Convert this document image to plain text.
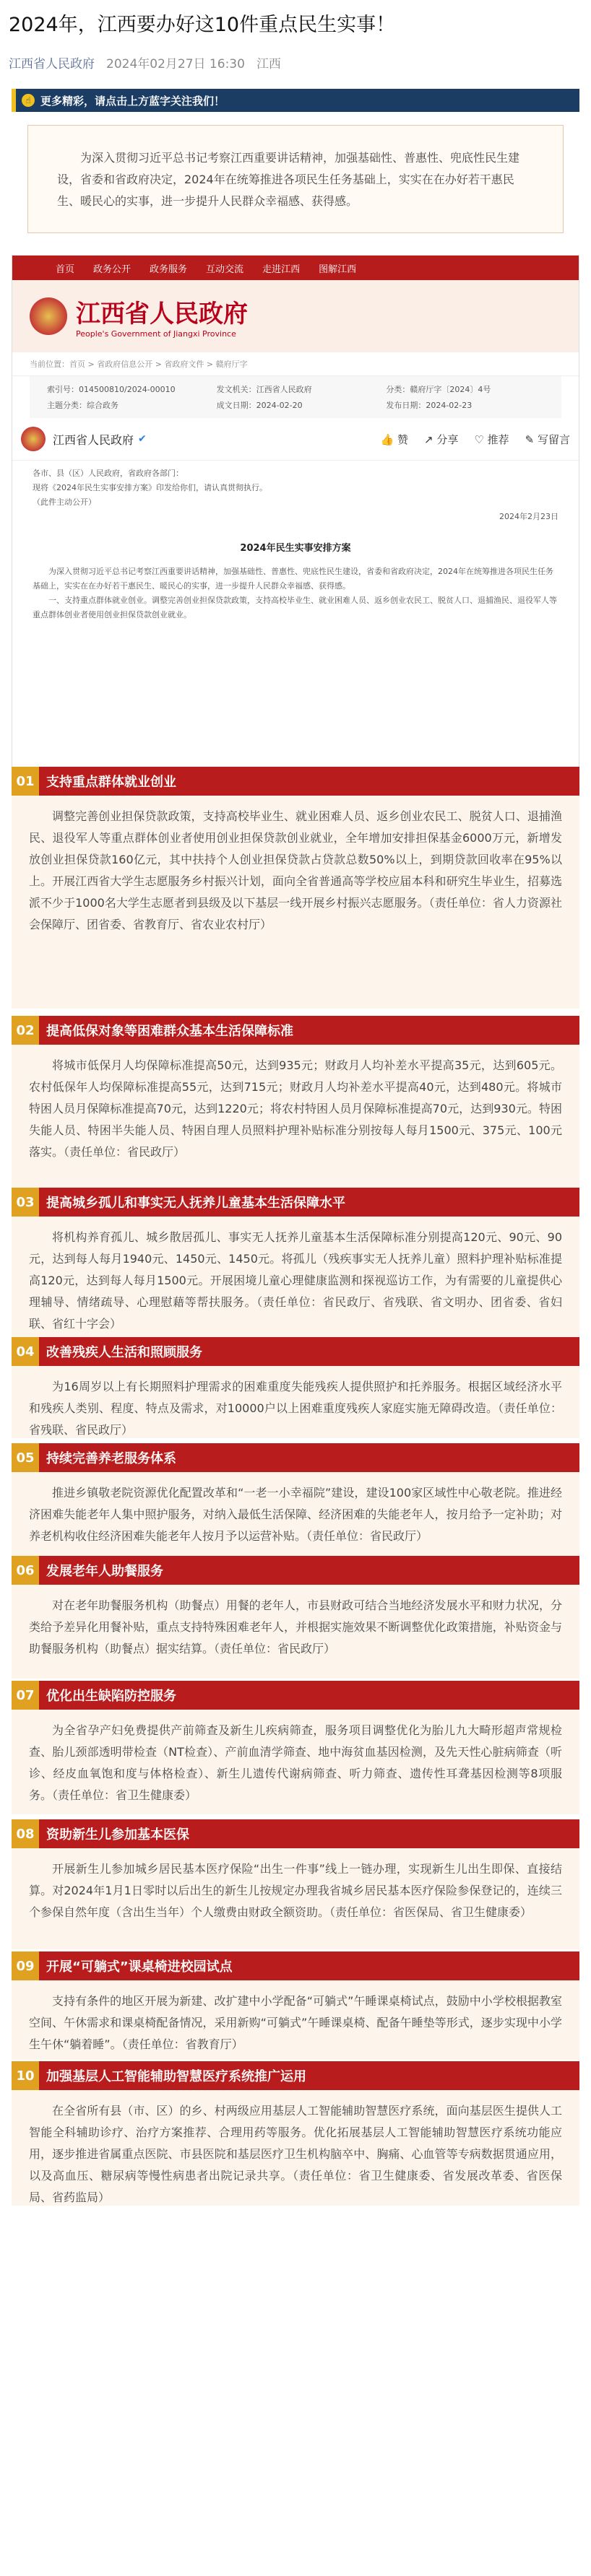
2024年，江西要办好这10件重点民生实事！
江西省人民政府 2024年02月27日 16:30 江西
☝ 更多精彩，请点击上方蓝字关注我们！
为深入贯彻习近平总书记考察江西重要讲话精神，加强基础性、普惠性、兜底性民生建设，省委和省政府决定，2024年在统筹推进各项民生任务基础上，实实在在办好若干惠民生、暖民心的实事，进一步提升人民群众幸福感、获得感。
首页 政务公开 政务服务 互动交流 走进江西 图解江西
江西省人民政府
People's Government of Jiangxi Province
当前位置：首页 > 省政府信息公开 > 省政府文件 > 赣府厅字
索引号：014500810/2024-00010	发文机关：江西省人民政府	分类：赣府厅字〔2024〕4号
主题分类：综合政务	成文日期：2024-02-20	发布日期：2024-02-23
江西省人民政府 ✔	👍 赞 ↗ 分享 ♡ 推荐 ✎ 写留言
各市、县（区）人民政府，省政府各部门：
现将《2024年民生实事安排方案》印发给你们，请认真贯彻执行。
（此件主动公开）
2024年2月23日
2024年民生实事安排方案
为深入贯彻习近平总书记考察江西重要讲话精神，加强基础性、普惠性、兜底性民生建设，省委和省政府决定，2024年在统筹推进各项民生任务基础上，实实在在办好若干惠民生、暖民心的实事，进一步提升人民群众幸福感、获得感。
一、支持重点群体就业创业。调整完善创业担保贷款政策，支持高校毕业生、就业困难人员、返乡创业农民工、脱贫人口、退捕渔民、退役军人等重点群体创业者使用创业担保贷款创业就业。
01 支持重点群体就业创业
调整完善创业担保贷款政策，支持高校毕业生、就业困难人员、返乡创业农民工、脱贫人口、退捕渔民、退役军人等重点群体创业者使用创业担保贷款创业就业，全年增加安排担保基金6000万元，新增发放创业担保贷款160亿元，其中扶持个人创业担保贷款占贷款总数50%以上，到期贷款回收率在95%以上。开展江西省大学生志愿服务乡村振兴计划，面向全省普通高等学校应届本科和研究生毕业生，招募选派不少于1000名大学生志愿者到县级及以下基层一线开展乡村振兴志愿服务。（责任单位：省人力资源社会保障厅、团省委、省教育厅、省农业农村厅）
02 提高低保对象等困难群众基本生活保障标准
将城市低保月人均保障标准提高50元，达到935元；财政月人均补差水平提高35元，达到605元。农村低保年人均保障标准提高55元，达到715元；财政月人均补差水平提高40元，达到480元。将城市特困人员月保障标准提高70元，达到1220元；将农村特困人员月保障标准提高70元，达到930元。特困失能人员、特困半失能人员、特困自理人员照料护理补贴标准分别按每人每月1500元、375元、100元落实。（责任单位：省民政厅）
03 提高城乡孤儿和事实无人抚养儿童基本生活保障水平
将机构养育孤儿、城乡散居孤儿、事实无人抚养儿童基本生活保障标准分别提高120元、90元、90元，达到每人每月1940元、1450元、1450元。将孤儿（残疾事实无人抚养儿童）照料护理补贴标准提高120元，达到每人每月1500元。开展困境儿童心理健康监测和探视巡访工作，为有需要的儿童提供心理辅导、情绪疏导、心理慰藉等帮扶服务。（责任单位：省民政厅、省残联、省文明办、团省委、省妇联、省红十字会）
04 改善残疾人生活和照顾服务
为16周岁以上有长期照料护理需求的困难重度失能残疾人提供照护和托养服务。根据区域经济水平和残疾人类别、程度、特点及需求，对10000户以上困难重度残疾人家庭实施无障碍改造。（责任单位：省残联、省民政厅）
05 持续完善养老服务体系
推进乡镇敬老院资源优化配置改革和“一老一小幸福院”建设，建设100家区域性中心敬老院。推进经济困难失能老年人集中照护服务，对纳入最低生活保障、经济困难的失能老年人，按月给予一定补助；对养老机构收住经济困难失能老年人按月予以运营补贴。（责任单位：省民政厅）
06 发展老年人助餐服务
对在老年助餐服务机构（助餐点）用餐的老年人，市县财政可结合当地经济发展水平和财力状况，分类给予差异化用餐补贴，重点支持特殊困难老年人，并根据实施效果不断调整优化政策措施，补贴资金与助餐服务机构（助餐点）据实结算。（责任单位：省民政厅）
07 优化出生缺陷防控服务
为全省孕产妇免费提供产前筛查及新生儿疾病筛查，服务项目调整优化为胎儿九大畸形超声常规检查、胎儿颈部透明带检查（NT检查）、产前血清学筛查、地中海贫血基因检测，及先天性心脏病筛查（听诊、经皮血氧饱和度与体格检查）、新生儿遗传代谢病筛查、听力筛查、遗传性耳聋基因检测等8项服务。（责任单位：省卫生健康委）
08 资助新生儿参加基本医保
开展新生儿参加城乡居民基本医疗保险“出生一件事”线上一链办理，实现新生儿出生即保、直接结算。对2024年1月1日零时以后出生的新生儿按规定办理我省城乡居民基本医疗保险参保登记的，连续三个参保自然年度（含出生当年）个人缴费由财政全额资助。（责任单位：省医保局、省卫生健康委）
09 开展“可躺式”课桌椅进校园试点
支持有条件的地区开展为新建、改扩建中小学配备“可躺式”午睡课桌椅试点，鼓励中小学校根据教室空间、午休需求和课桌椅配备情况，采用新购“可躺式”午睡课桌椅、配备午睡垫等形式，逐步实现中小学生午休“躺着睡”。（责任单位：省教育厅）
10 加强基层人工智能辅助智慧医疗系统推广运用
在全省所有县（市、区）的乡、村两级应用基层人工智能辅助智慧医疗系统，面向基层医生提供人工智能全科辅助诊疗、治疗方案推荐、合理用药等服务。优化拓展基层人工智能辅助智慧医疗系统功能应用，逐步推进省属重点医院、市县医院和基层医疗卫生机构脑卒中、胸痛、心血管等专病数据贯通应用，以及高血压、糖尿病等慢性病患者出院记录共享。（责任单位：省卫生健康委、省发展改革委、省医保局、省药监局）
